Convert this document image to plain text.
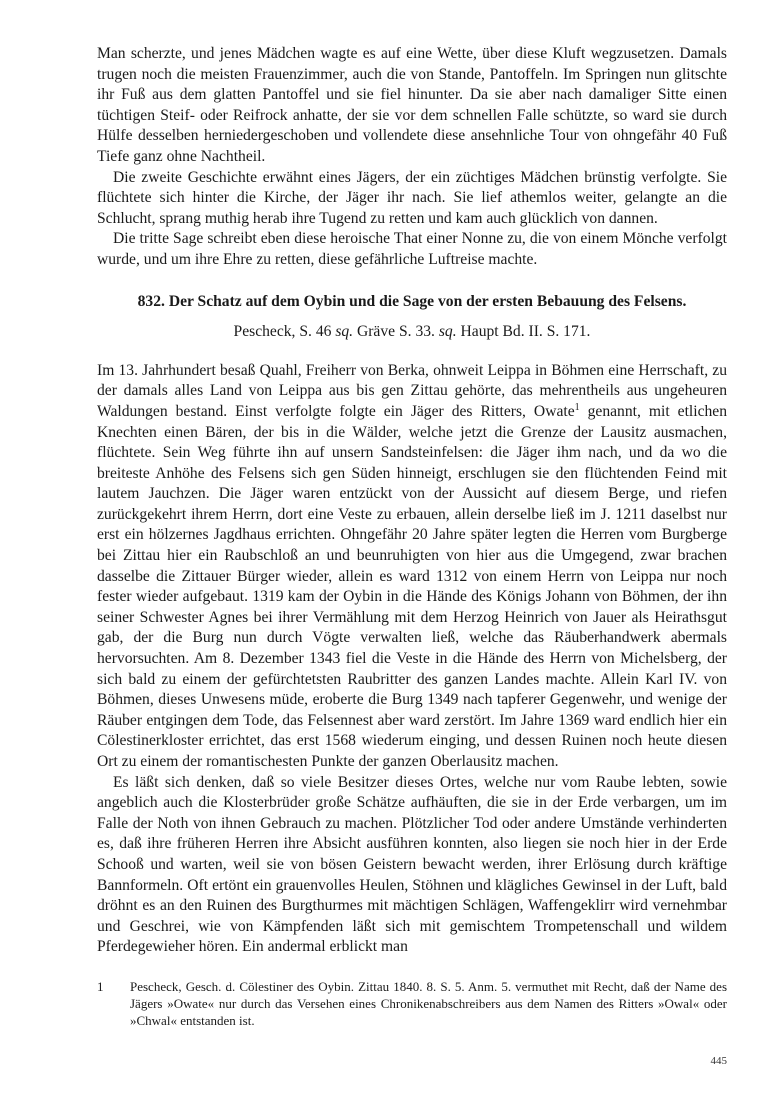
Man scherzte, und jenes Mädchen wagte es auf eine Wette, über diese Kluft wegzusetzen. Damals trugen noch die meisten Frauenzimmer, auch die von Stande, Pantoffeln. Im Springen nun glitschte ihr Fuß aus dem glatten Pantoffel und sie fiel hinunter. Da sie aber nach damaliger Sitte einen tüchtigen Steif- oder Reifrock anhatte, der sie vor dem schnellen Falle schützte, so ward sie durch Hülfe desselben herniedergeschoben und vollendete diese ansehnliche Tour von ohngefähr 40 Fuß Tiefe ganz ohne Nachtheil.

Die zweite Geschichte erwähnt eines Jägers, der ein züchtiges Mädchen brünstig verfolgte. Sie flüchtete sich hinter die Kirche, der Jäger ihr nach. Sie lief athemlos weiter, gelangte an die Schlucht, sprang muthig herab ihre Tugend zu retten und kam auch glücklich von dannen.

Die tritte Sage schreibt eben diese heroische That einer Nonne zu, die von einem Mönche verfolgt wurde, und um ihre Ehre zu retten, diese gefährliche Luftreise machte.

832. Der Schatz auf dem Oybin und die Sage von der ersten Bebauung des Felsens.
Pescheck, S. 46 sq. Gräve S. 33. sq. Haupt Bd. II. S. 171.

Im 13. Jahrhundert besaß Quahl, Freiherr von Berka, ohnweit Leippa in Böhmen eine Herrschaft, zu der damals alles Land von Leippa aus bis gen Zittau gehörte, das mehrentheils aus ungeheuren Waldungen bestand. Einst verfolgte folgte ein Jäger des Ritters, Owate$^1$ genannt, mit etlichen Knechten einen Bären, der bis in die Wälder, welche jetzt die Grenze der Lausitz ausmachen, flüchtete. Sein Weg führte ihn auf unsern Sandsteinfelsen: die Jäger ihm nach, und da wo die breiteste Anhöhe des Felsens sich gen Süden hinneigt, erschlugen sie den flüchtenden Feind mit lautem Jauchzen. Die Jäger waren entzückt von der Aussicht auf diesem Berge, und riefen zurückgekehrt ihrem Herrn, dort eine Veste zu erbauen, allein derselbe ließ im J. 1211 daselbst nur erst ein hölzernes Jagdhaus errichten. Ohngefähr 20 Jahre später legten die Herren vom Burgberge bei Zittau hier ein Raubschloß an und beunruhigten von hier aus die Umgegend, zwar brachen dasselbe die Zittauer Bürger wieder, allein es ward 1312 von einem Herrn von Leippa nur noch fester wieder aufgebaut. 1319 kam der Oybin in die Hände des Königs Johann von Böhmen, der ihn seiner Schwester Agnes bei ihrer Vermählung mit dem Herzog Heinrich von Jauer als Heirathsgut gab, der die Burg nun durch Vögte verwalten ließ, welche das Räuberhandwerk abermals hervorsuchten. Am 8. Dezember 1343 fiel die Veste in die Hände des Herrn von Michelsberg, der sich bald zu einem der gefürchtetsten Raubritter des ganzen Landes machte. Allein Karl IV. von Böhmen, dieses Unwesens müde, eroberte die Burg 1349 nach tapferer Gegenwehr, und wenige der Räuber entgingen dem Tode, das Felsennest aber ward zerstört. Im Jahre 1369 ward endlich hier ein Cölestinerkloster errichtet, das erst 1568 wiederum einging, und dessen Ruinen noch heute diesen Ort zu einem der romantischesten Punkte der ganzen Oberlausitz machen.

Es läßt sich denken, daß so viele Besitzer dieses Ortes, welche nur vom Raube lebten, sowie angeblich auch die Klosterbrüder große Schätze aufhäuften, die sie in der Erde verbargen, um im Falle der Noth von ihnen Gebrauch zu machen. Plötzlicher Tod oder andere Umstände verhinderten es, daß ihre früheren Herren ihre Absicht ausführen konnten, also liegen sie noch hier in der Erde Schooß und warten, weil sie von bösen Geistern bewacht werden, ihrer Erlösung durch kräftige Bannformeln. Oft ertönt ein grauenvolles Heulen, Stöhnen und klägliches Gewinsel in der Luft, bald dröhnt es an den Ruinen des Burgthurmes mit mächtigen Schlägen, Waffengeklirr wird vernehmbar und Geschrei, wie von Kämpfenden läßt sich mit gemischtem Trompetenschall und wildem Pferdegewieher hören. Ein andermal erblickt man

1	Pescheck, Gesch. d. Cölestiner des Oybin. Zittau 1840. 8. S. 5. Anm. 5. vermuthet mit Recht, daß der Name des Jägers »Owate« nur durch das Versehen eines Chronikenabschreibers aus dem Namen des Ritters »Owal« oder »Chwal« entstanden ist.
445
